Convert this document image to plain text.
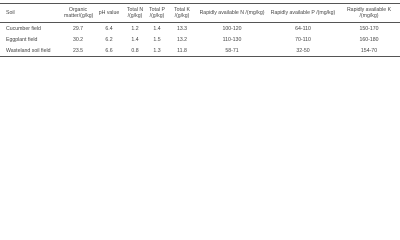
Soil	Organic matter/(g/kg)	pH value	Total N /(g/kg)	Total P /(g/kg)	Total K /(g/kg)	Rapidly available N /(mg/kg)	Rapidly available P /(mg/kg)	Rapidly available K /(mg/kg)
Cucumber field	29.7	6.4	1.2	1.4	13.3	100-120	64-110	150-170
Eggplant field	30.2	6.2	1.4	1.5	13.2	110-130	70-110	160-180
Wasteland soil field	23.5	6.6	0.8	1.3	11.8	58-71	32-50	154-70
